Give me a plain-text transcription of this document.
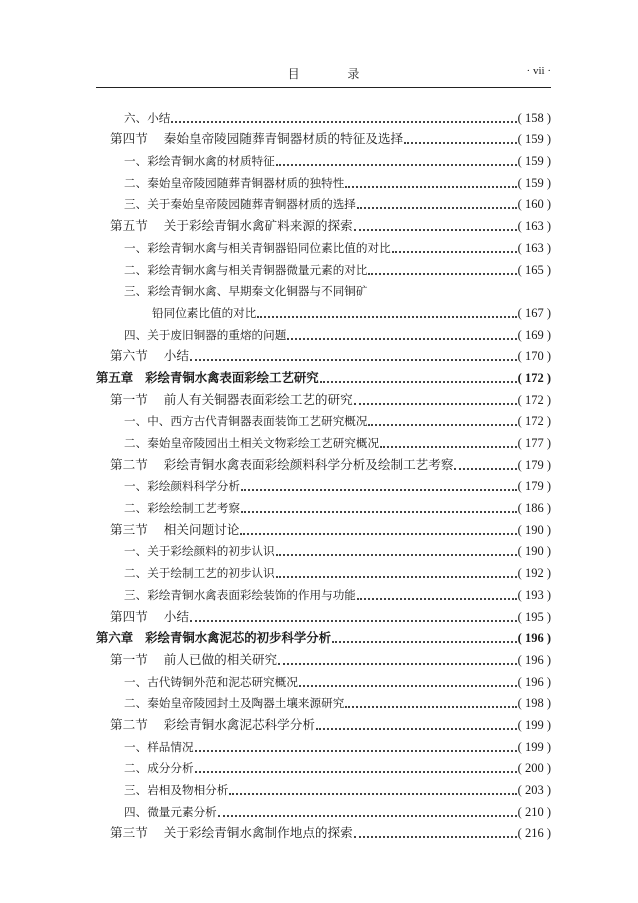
目 录	· vii ·
六、小结	( 158 )
第四节 秦始皇帝陵园随葬青铜器材质的特征及选择	( 159 )
一、彩绘青铜水禽的材质特征	( 159 )
二、秦始皇帝陵园随葬青铜器材质的独特性	( 159 )
三、关于秦始皇帝陵园随葬青铜器材质的选择	( 160 )
第五节 关于彩绘青铜水禽矿料来源的探索	( 163 )
一、彩绘青铜水禽与相关青铜器铅同位素比值的对比	( 163 )
二、彩绘青铜水禽与相关青铜器微量元素的对比	( 165 )
三、彩绘青铜水禽、早期秦文化铜器与不同铜矿
铅同位素比值的对比	( 167 )
四、关于废旧铜器的重熔的问题	( 169 )
第六节 小结	( 170 )
第五章 彩绘青铜水禽表面彩绘工艺研究	( 172 )
第一节 前人有关铜器表面彩绘工艺的研究	( 172 )
一、中、西方古代青铜器表面装饰工艺研究概况	( 172 )
二、秦始皇帝陵园出土相关文物彩绘工艺研究概况	( 177 )
第二节 彩绘青铜水禽表面彩绘颜料科学分析及绘制工艺考察	( 179 )
一、彩绘颜料科学分析	( 179 )
二、彩绘绘制工艺考察	( 186 )
第三节 相关问题讨论	( 190 )
一、关于彩绘颜料的初步认识	( 190 )
二、关于绘制工艺的初步认识	( 192 )
三、彩绘青铜水禽表面彩绘装饰的作用与功能	( 193 )
第四节 小结	( 195 )
第六章 彩绘青铜水禽泥芯的初步科学分析	( 196 )
第一节 前人已做的相关研究	( 196 )
一、古代铸铜外范和泥芯研究概况	( 196 )
二、秦始皇帝陵园封土及陶器土壤来源研究	( 198 )
第二节 彩绘青铜水禽泥芯科学分析	( 199 )
一、样品情况	( 199 )
二、成分分析	( 200 )
三、岩相及物相分析	( 203 )
四、微量元素分析	( 210 )
第三节 关于彩绘青铜水禽制作地点的探索	( 216 )
